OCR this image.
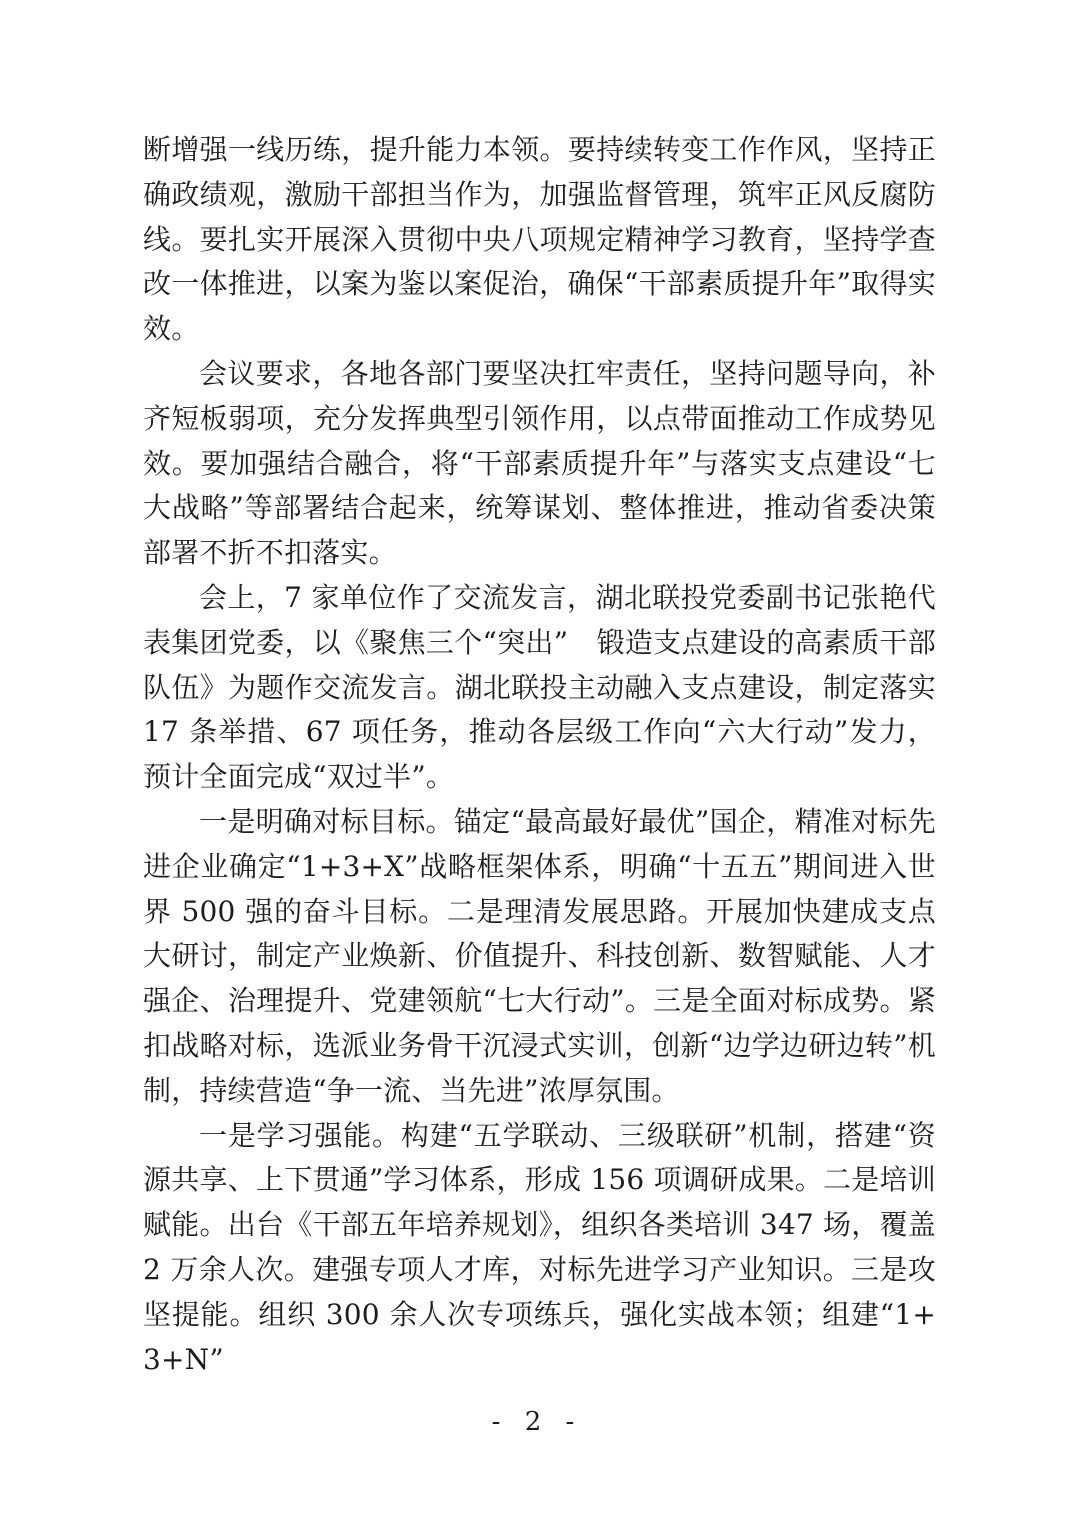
断增强一线历练，提升能力本领。要持续转变工作作风，坚持正确政绩观，激励干部担当作为，加强监督管理，筑牢正风反腐防线。要扎实开展深入贯彻中央八项规定精神学习教育，坚持学查改一体推进，以案为鉴以案促治，确保“干部素质提升年”取得实效。

会议要求，各地各部门要坚决扛牢责任，坚持问题导向，补齐短板弱项，充分发挥典型引领作用，以点带面推动工作成势见效。要加强结合融合，将“干部素质提升年”与落实支点建设“七大战略”等部署结合起来，统筹谋划、整体推进，推动省委决策部署不折不扣落实。

会上，7 家单位作了交流发言，湖北联投党委副书记张艳代表集团党委，以《聚焦三个“突出”　锻造支点建设的高素质干部队伍》为题作交流发言。湖北联投主动融入支点建设，制定落实 17 条举措、67 项任务，推动各层级工作向“六大行动”发力，预计全面完成“双过半”。

一是明确对标目标。锚定“最高最好最优”国企，精准对标先进企业确定“1+3+X”战略框架体系，明确“十五五”期间进入世界 500 强的奋斗目标。二是理清发展思路。开展加快建成支点大研讨，制定产业焕新、价值提升、科技创新、数智赋能、人才强企、治理提升、党建领航“七大行动”。三是全面对标成势。紧扣战略对标，选派业务骨干沉浸式实训，创新“边学边研边转”机制，持续营造“争一流、当先进”浓厚氛围。

一是学习强能。构建“五学联动、三级联研”机制，搭建“资源共享、上下贯通”学习体系，形成 156 项调研成果。二是培训赋能。出台《干部五年培养规划》，组织各类培训 347 场，覆盖 2 万余人次。建强专项人才库，对标先进学习产业知识。三是攻坚提能。组织 300 余人次专项练兵，强化实战本领；组建“1+3+N”

- 2 -
